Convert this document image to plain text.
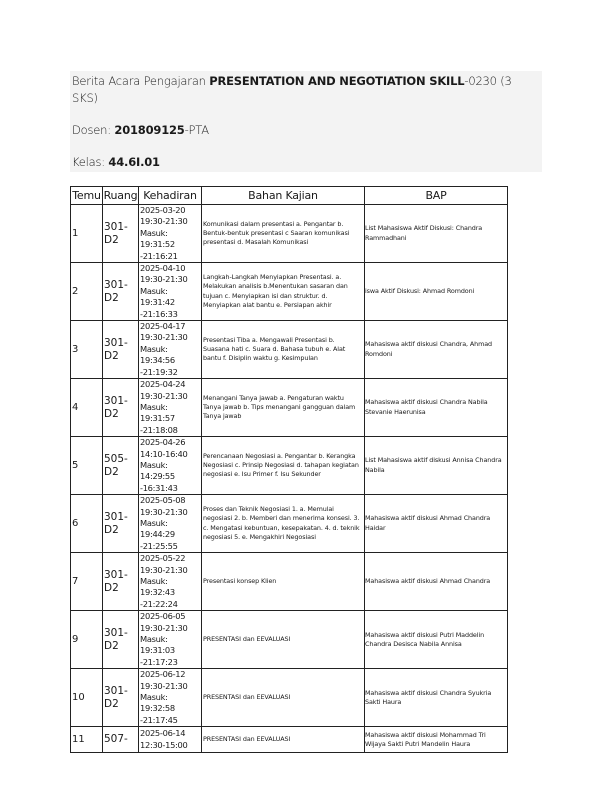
Berita Acara Pengajaran PRESENTATION AND NEGOTIATION SKILL-0230 (3 SKS)
Dosen: 201809125-PTA
Kelas: 44.6I.01
Temu	Ruang	Kehadiran	Bahan Kajian	BAP
1	301-
D2	2025-03-20
19:30-21:30
Masuk: 19:31:52
-21:16:21	Komunikasi dalam presentasi a. Pengantar b. Bentuk-bentuk presentasi c Saaran komunikasi presentasi d. Masalah Komunikasi	List Mahasiswa Aktif Diskusi: Chandra Rammadhani
2	301-
D2	2025-04-10
19:30-21:30
Masuk: 19:31:42
-21:16:33	Langkah-Langkah Menyiapkan Presentasi. a. Melakukan analisis b.Menentukan sasaran dan tujuan c. Menyiapkan isi dan struktur. d. Menyiapkan alat bantu e. Persiapan akhir	iswa Aktif Diskusi: Ahmad Romdoni
3	301-
D2	2025-04-17
19:30-21:30
Masuk: 19:34:56
-21:19:32	Presentasi Tiba a. Mengawali Presentasi b. Suasana hati c. Suara d. Bahasa tubuh e. Alat bantu f. Disiplin waktu g. Kesimpulan	Mahasiswa aktif diskusi Chandra, Ahmad Romdoni
4	301-
D2	2025-04-24
19:30-21:30
Masuk: 19:31:57
-21:18:08	Menangani Tanya jawab a. Pengaturan waktu Tanya jawab b. Tips menangani gangguan dalam Tanya jawab	Mahasiswa aktif diskusi Chandra Nabila Stevanie Haerunisa
5	505-
D2	2025-04-26
14:10-16:40
Masuk: 14:29:55
-16:31:43	Perencanaan Negosiasi a. Pengantar b. Kerangka Negosiasi c. Prinsip Negosiasi d. tahapan kegiatan negosiasi e. Isu Primer f. Isu Sekunder	List Mahasiswa aktif diskusi Annisa Chandra Nabila
6	301-
D2	2025-05-08
19:30-21:30
Masuk: 19:44:29
-21:25:55	Proses dan Teknik Negosiasi 1. a. Memulai negosiasi 2. b. Memberi dan menerima konsesi. 3. c. Mengatasi kebuntuan, kesepakatan. 4. d. teknik negosiasi 5. e. Mengakhiri Negosiasi	Mahasiswa aktif diskusi Ahmad Chandra Haidar
7	301-
D2	2025-05-22
19:30-21:30
Masuk: 19:32:43
-21:22:24	Presentasi konsep Klien	Mahasiswa aktif diskusi Ahmad Chandra
9	301-
D2	2025-06-05
19:30-21:30
Masuk: 19:31:03
-21:17:23	PRESENTASI dan EEVALUASI	Mahasiswa aktif diskusi Putri Maddelin Chandra Desisca Nabila Annisa
10	301-
D2	2025-06-12
19:30-21:30
Masuk: 19:32:58
-21:17:45	PRESENTASI dan EEVALUASI	Mahasiswa aktif diskusi Chandra Syukria Sakti Haura
11	507-	2025-06-14
12:30-15:00	PRESENTASI dan EEVALUASI	Mahasiswa aktif diskusi Mohammad Tri Wijaya Sakti Putri Mandelin Haura
